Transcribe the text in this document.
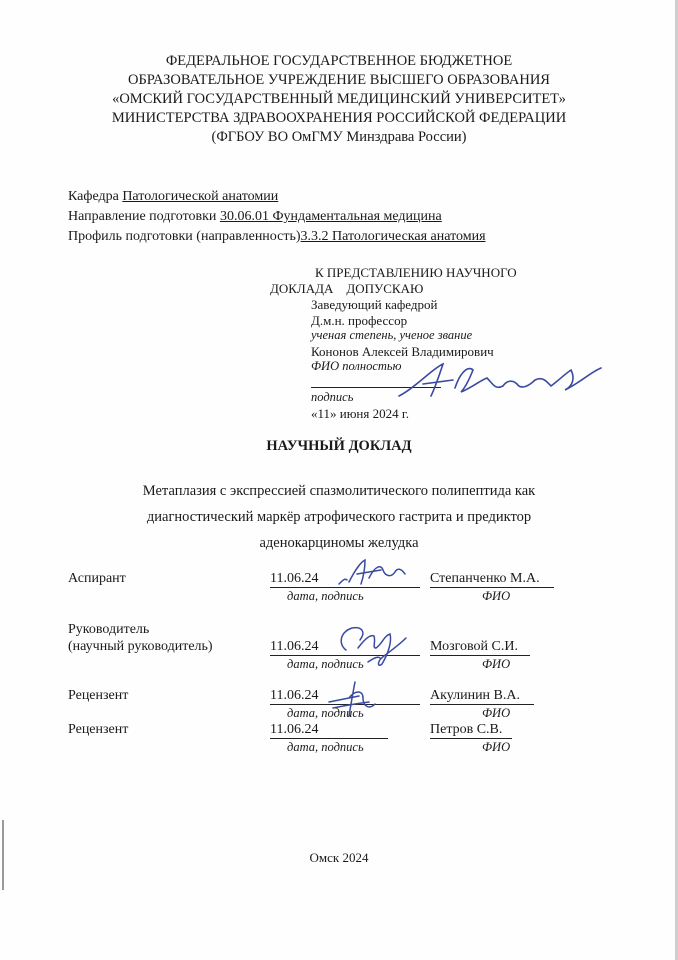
ФЕДЕРАЛЬНОЕ ГОСУДАРСТВЕННОЕ БЮДЖЕТНОЕ
ОБРАЗОВАТЕЛЬНОЕ УЧРЕЖДЕНИЕ ВЫСШЕГО ОБРАЗОВАНИЯ
«ОМСКИЙ ГОСУДАРСТВЕННЫЙ МЕДИЦИНСКИЙ УНИВЕРСИТЕТ»
МИНИСТЕРСТВА ЗДРАВООХРАНЕНИЯ РОССИЙСКОЙ ФЕДЕРАЦИИ
(ФГБОУ ВО ОмГМУ Минздрава России)
Кафедра Патологической анатомии
Направление подготовки 30.06.01 Фундаментальная медицина
Профиль подготовки (направленность)3.3.2 Патологическая анатомия
К ПРЕДСТАВЛЕНИЮ НАУЧНОГО
ДОКЛАДА    ДОПУСКАЮ
Заведующий кафедрой
Д.м.н. профессор
ученая степень, ученое звание
Кононов Алексей Владимирович
ФИО полностью
подпись
«11» июня 2024 г.
НАУЧНЫЙ ДОКЛАД
Метаплазия с экспрессией спазмолитического полипептида как
диагностический маркёр атрофического гастрита и предиктор
аденокарциномы желудка
Аспирант	11.06.24	Степанченко М.А.
дата, подпись	ФИО
Руководитель
(научный руководитель)	11.06.24	Мозговой С.И.
дата, подпись	ФИО
Рецензент	11.06.24	Акулинин В.А.
дата, подпись	ФИО
Рецензент	11.06.24	Петров С.В.
дата, подпись	ФИО
Омск 2024
